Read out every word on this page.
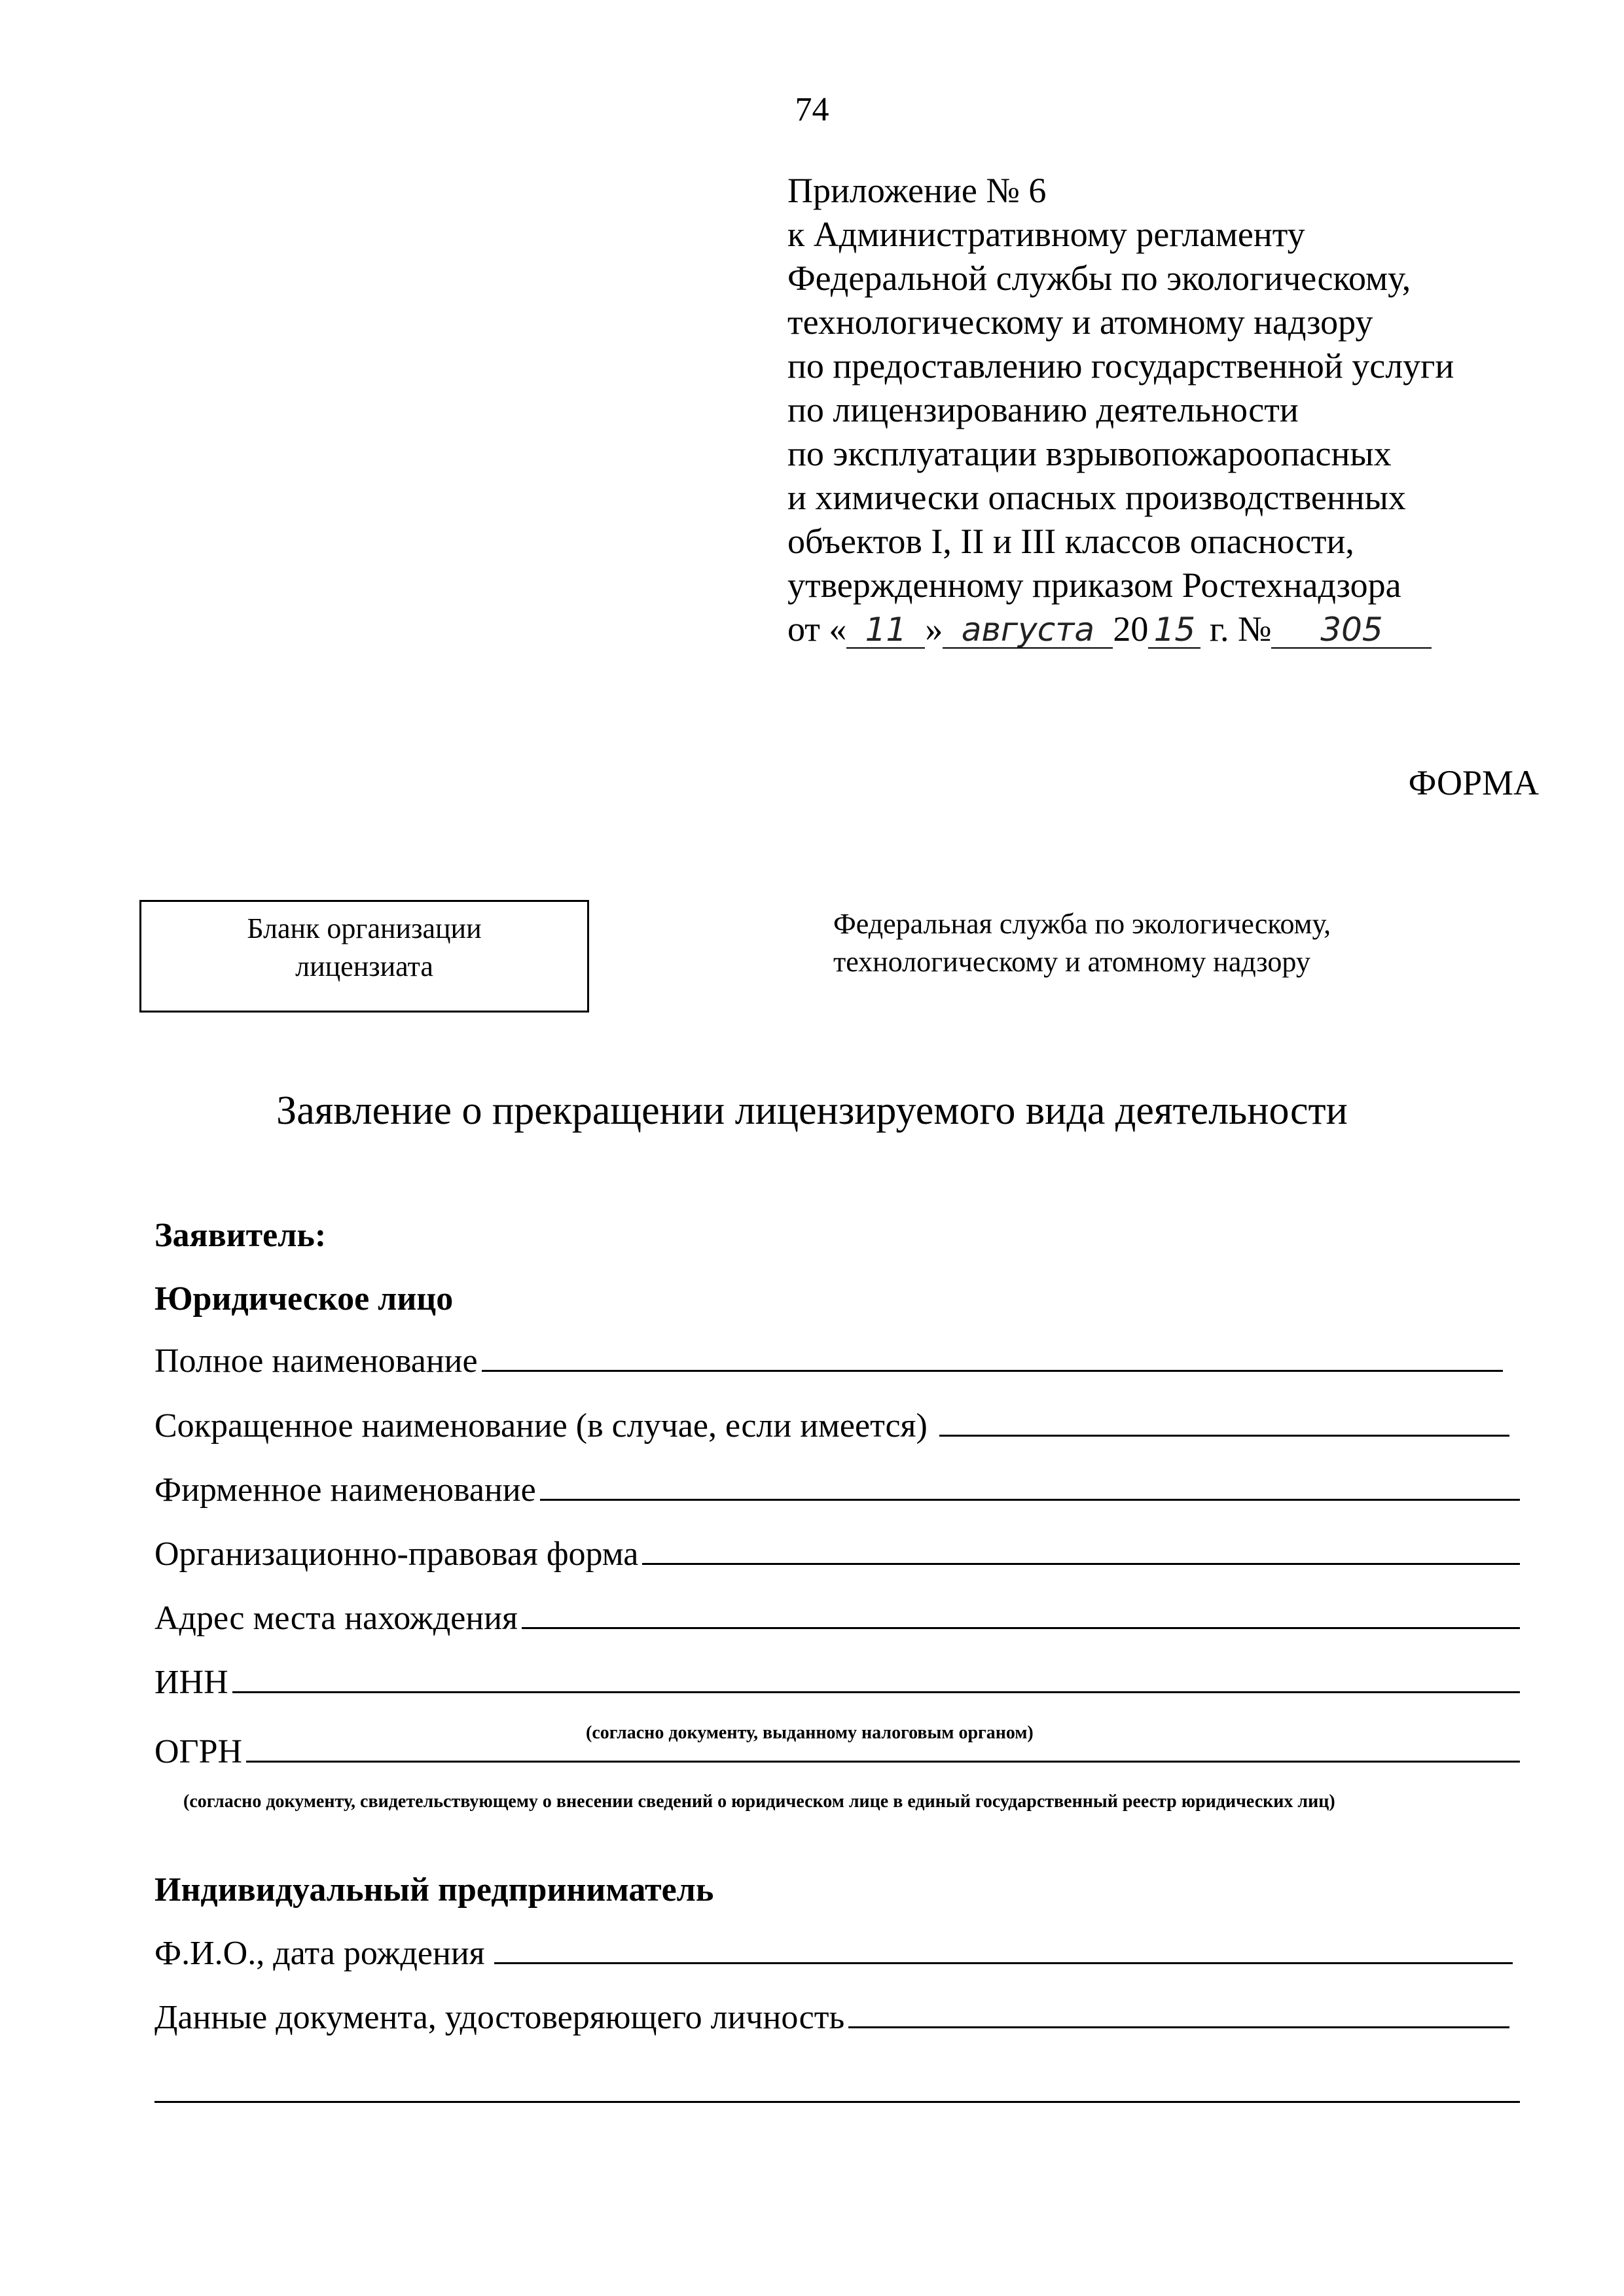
74
Приложение № 6
к Административному регламенту
Федеральной службы по экологическому,
технологическому и атомному надзору
по предоставлению государственной услуги
по лицензированию деятельности
по эксплуатации взрывопожароопасных
и химически опасных производственных
объектов I, II и III классов опасности,
утвержденному приказом Ростехнадзора
от « 11 » августа 20 15 г. № 305
ФОРМА
Бланк организации
лицензиата
Федеральная служба по экологическому,
технологическому и атомному надзору
Заявление о прекращении лицензируемого вида деятельности
Заявитель:
Юридическое лицо
Полное наименование
Сокращенное наименование (в случае, если имеется)
Фирменное наименование
Организационно-правовая форма
Адрес места нахождения
ИНН
(согласно документу, выданному налоговым органом)
ОГРН
(согласно документу, свидетельствующему о внесении сведений о юридическом лице в единый государственный реестр юридических лиц)
Индивидуальный предприниматель
Ф.И.О., дата рождения
Данные документа, удостоверяющего личность
